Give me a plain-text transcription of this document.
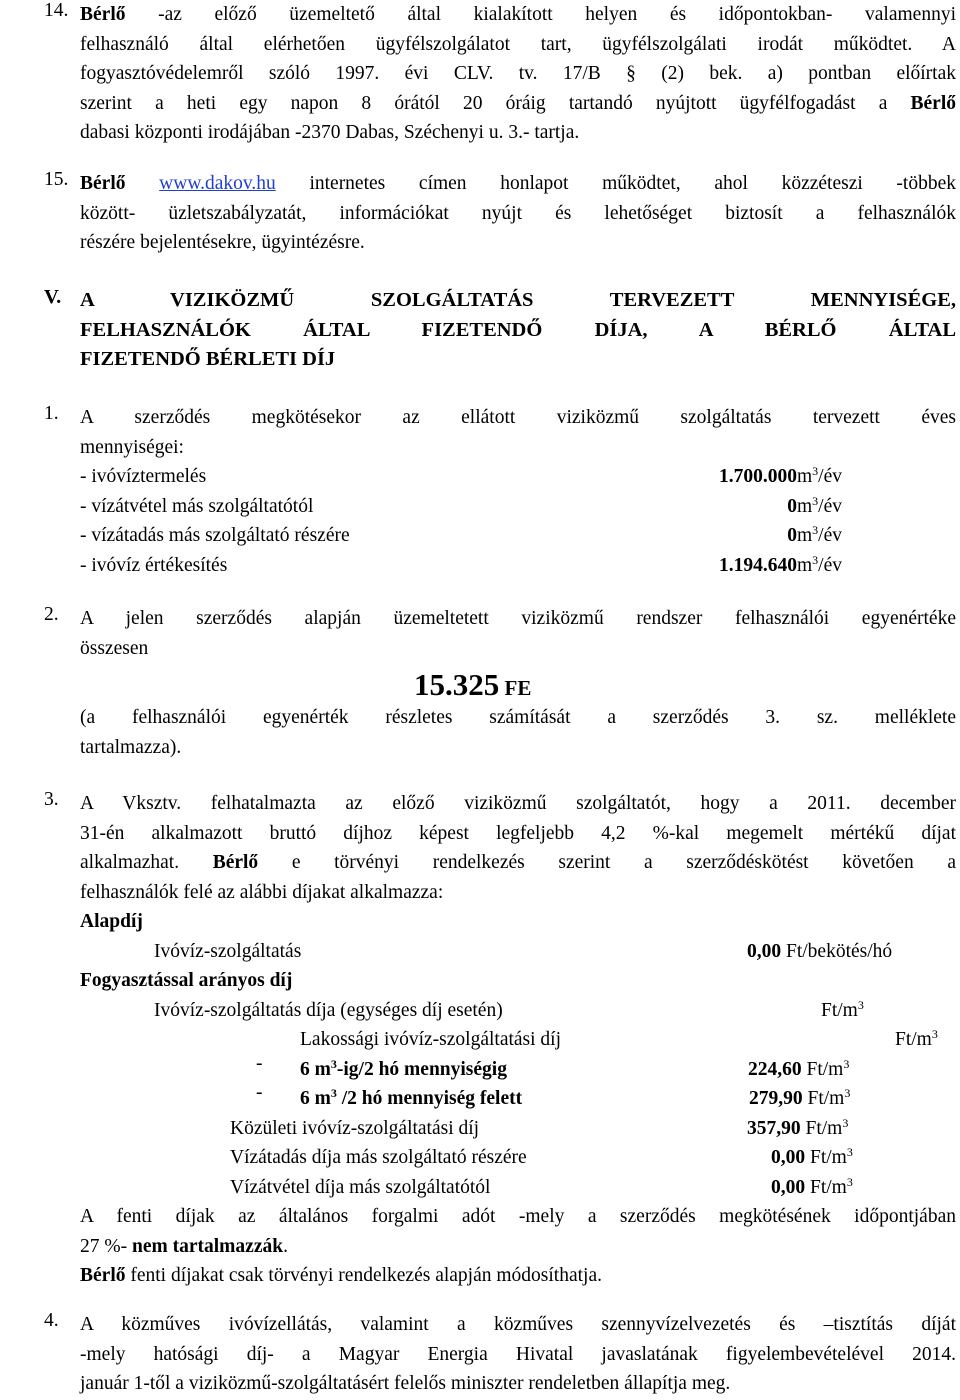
14. Bérlő -az előző üzemeltető által kialakított helyen és időpontokban- valamennyi
felhasználó által elérhetően ügyfélszolgálatot tart, ügyfélszolgálati irodát működtet. A
fogyasztóvédelemről szóló 1997. évi CLV. tv. 17/B § (2) bek. a) pontban előírtak
szerint a heti egy napon 8 órától 20 óráig tartandó nyújtott ügyfélfogadást a Bérlő
dabasi központi irodájában -2370 Dabas, Széchenyi u. 3.- tartja.
15. Bérlő www.dakov.hu internetes címen honlapot működtet, ahol közzéteszi -többek
között- üzletszabályzatát, információkat nyújt és lehetőséget biztosít a felhasználók
részére bejelentésekre, ügyintézésre.
V. A VIZIKÖZMŰ SZOLGÁLTATÁS TERVEZETT MENNYISÉGE,
FELHASZNÁLÓK ÁLTAL FIZETENDŐ DÍJA, A BÉRLŐ ÁLTAL
FIZETENDŐ BÉRLETI DÍJ
1. A szerződés megkötésekor az ellátott viziközmű szolgáltatás tervezett éves
mennyiségei:
- ivóvíztermelés	1.700.000 $m^3/év$
- vízátvétel más szolgáltatótól	0 $m^3/év$
- vízátadás más szolgáltató részére	0 $m^3/év$
- ivóvíz értékesítés	1.194.640 $m^3/év$
2. A jelen szerződés alapján üzemeltetett viziközmű rendszer felhasználói egyenértéke
összesen
15.325 FE
(a felhasználói egyenérték részletes számítását a szerződés 3. sz. melléklete
tartalmazza).
3. A Vksztv. felhatalmazta az előző viziközmű szolgáltatót, hogy a 2011. december
31-én alkalmazott bruttó díjhoz képest legfeljebb 4,2 %-kal megemelt mértékű díjat
alkalmazhat. Bérlő e törvényi rendelkezés szerint a szerződéskötést követően a
felhasználók felé az alábbi díjakat alkalmazza:
Alapdíj
Ivóvíz-szolgáltatás	0,00 Ft/bekötés/hó
Fogyasztással arányos díj
Ivóvíz-szolgáltatás díja (egységes díj esetén)	$Ft/m^3$
Lakossági ivóvíz-szolgáltatási díj	$Ft/m^3$
- 6 $m^3-ig/2$ hó mennyiségig	224,60 $Ft/m^3$
- 6 $m^3$ /2 hó mennyiség felett	279,90 $Ft/m^3$
Közületi ivóvíz-szolgáltatási díj	357,90 $Ft/m^3$
Vízátadás díja más szolgáltató részére	0,00 $Ft/m^3$
Vízátvétel díja más szolgáltatótól	0,00 $Ft/m^3$
A fenti díjak az általános forgalmi adót -mely a szerződés megkötésének időpontjában
27 %- nem tartalmazzák.
Bérlő fenti díjakat csak törvényi rendelkezés alapján módosíthatja.
4. A közműves ivóvízellátás, valamint a közműves szennyvízelvezetés és –tisztítás díját
-mely hatósági díj- a Magyar Energia Hivatal javaslatának figyelembevételével 2014.
január 1-től a viziközmű-szolgáltatásért felelős miniszter rendeletben állapítja meg.
